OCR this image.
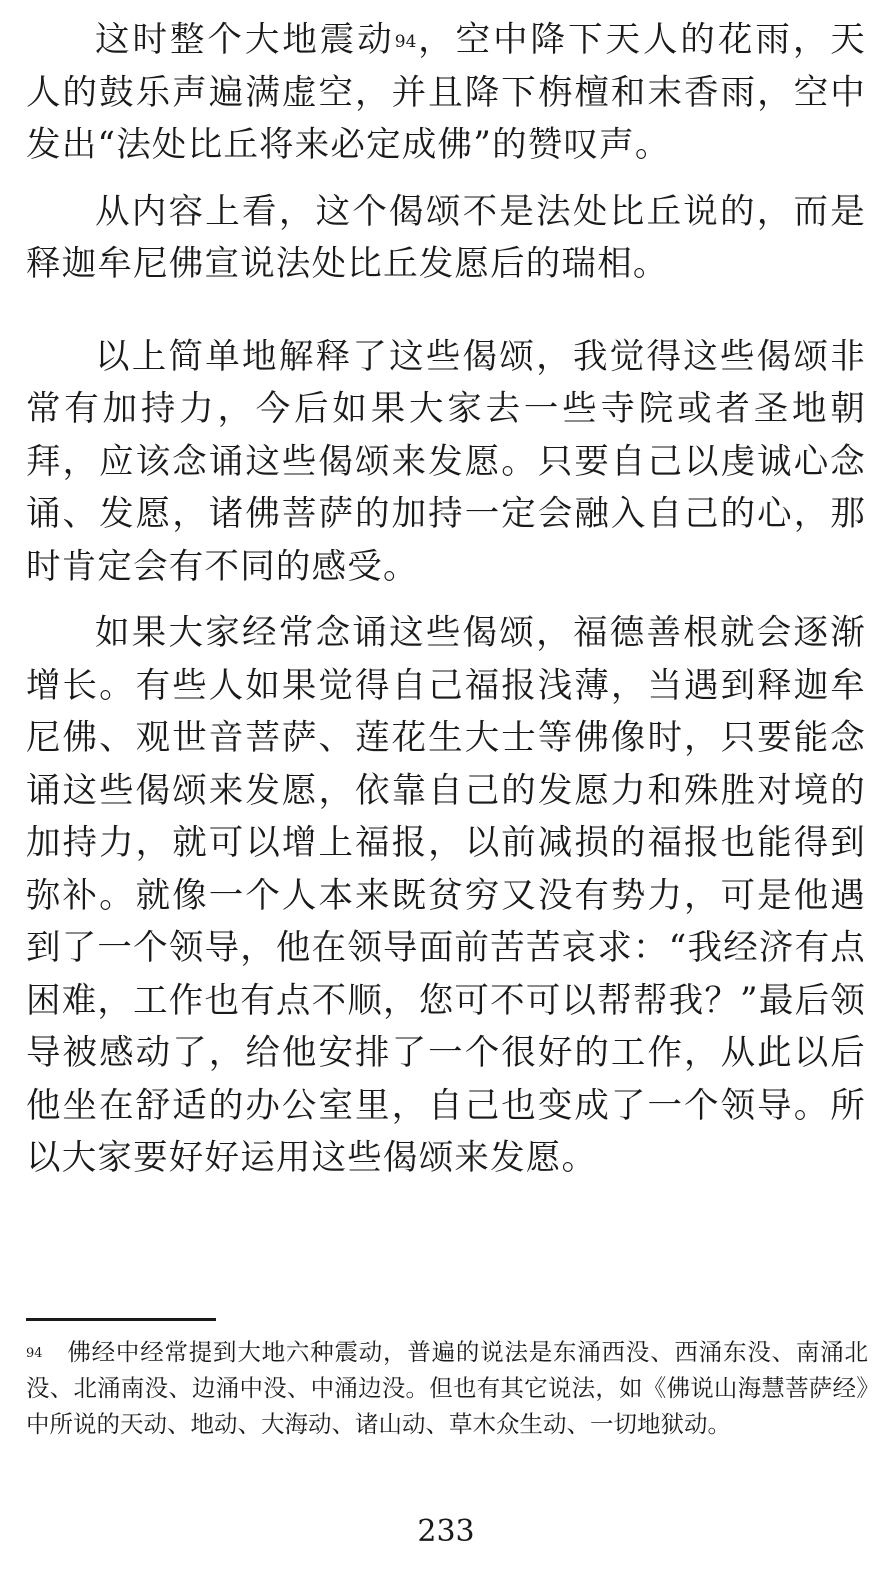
这时整个大地震动$^{94}$，空中降下天人的花雨，天人的鼓乐声遍满虚空，并且降下栴檀和末香雨，空中发出“法处比丘将来必定成佛”的赞叹声。

从内容上看，这个偈颂不是法处比丘说的，而是释迦牟尼佛宣说法处比丘发愿后的瑞相。

以上简单地解释了这些偈颂，我觉得这些偈颂非常有加持力，今后如果大家去一些寺院或者圣地朝拜，应该念诵这些偈颂来发愿。只要自己以虔诚心念诵、发愿，诸佛菩萨的加持一定会融入自己的心，那时肯定会有不同的感受。

如果大家经常念诵这些偈颂，福德善根就会逐渐增长。有些人如果觉得自己福报浅薄，当遇到释迦牟尼佛、观世音菩萨、莲花生大士等佛像时，只要能念诵这些偈颂来发愿，依靠自己的发愿力和殊胜对境的加持力，就可以增上福报，以前减损的福报也能得到弥补。就像一个人本来既贫穷又没有势力，可是他遇到了一个领导，他在领导面前苦苦哀求：“我经济有点困难，工作也有点不顺，您可不可以帮帮我？”最后领导被感动了，给他安排了一个很好的工作，从此以后他坐在舒适的办公室里，自己也变成了一个领导。所以大家要好好运用这些偈颂来发愿。

$^{94}$ 佛经中经常提到大地六种震动，普遍的说法是东涌西没、西涌东没、南涌北没、北涌南没、边涌中没、中涌边没。但也有其它说法，如《佛说山海慧菩萨经》中所说的天动、地动、大海动、诸山动、草木众生动、一切地狱动。

233
